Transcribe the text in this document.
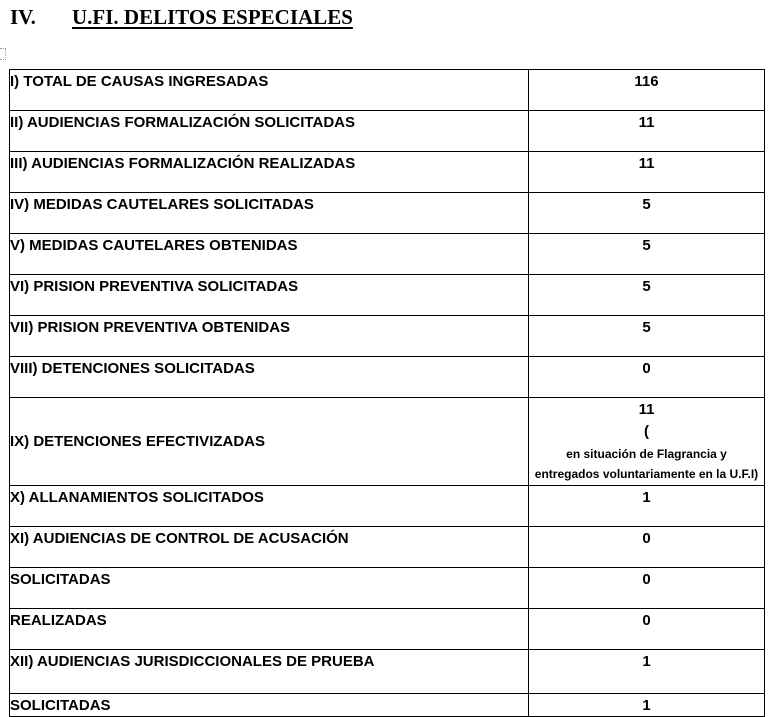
IV. U.FI. DELITOS ESPECIALES
I) TOTAL DE CAUSAS INGRESADAS	116

II) AUDIENCIAS FORMALIZACIÓN SOLICITADAS	11

III) AUDIENCIAS FORMALIZACIÓN REALIZADAS	11

IV) MEDIDAS CAUTELARES SOLICITADAS	5

V) MEDIDAS CAUTELARES OBTENIDAS	5

VI) PRISION PREVENTIVA SOLICITADAS	5

VII) PRISION PREVENTIVA OBTENIDAS	5

VIII) DETENCIONES SOLICITADAS	0

IX) DETENCIONES EFECTIVIZADAS	11
(
en situación de Flagrancia y entregados voluntariamente en la U.F.I)

X) ALLANAMIENTOS SOLICITADOS	1

XI) AUDIENCIAS DE CONTROL DE ACUSACIÓN	0

SOLICITADAS	0

REALIZADAS	0

XII) AUDIENCIAS JURISDICCIONALES DE PRUEBA	1

SOLICITADAS	1
